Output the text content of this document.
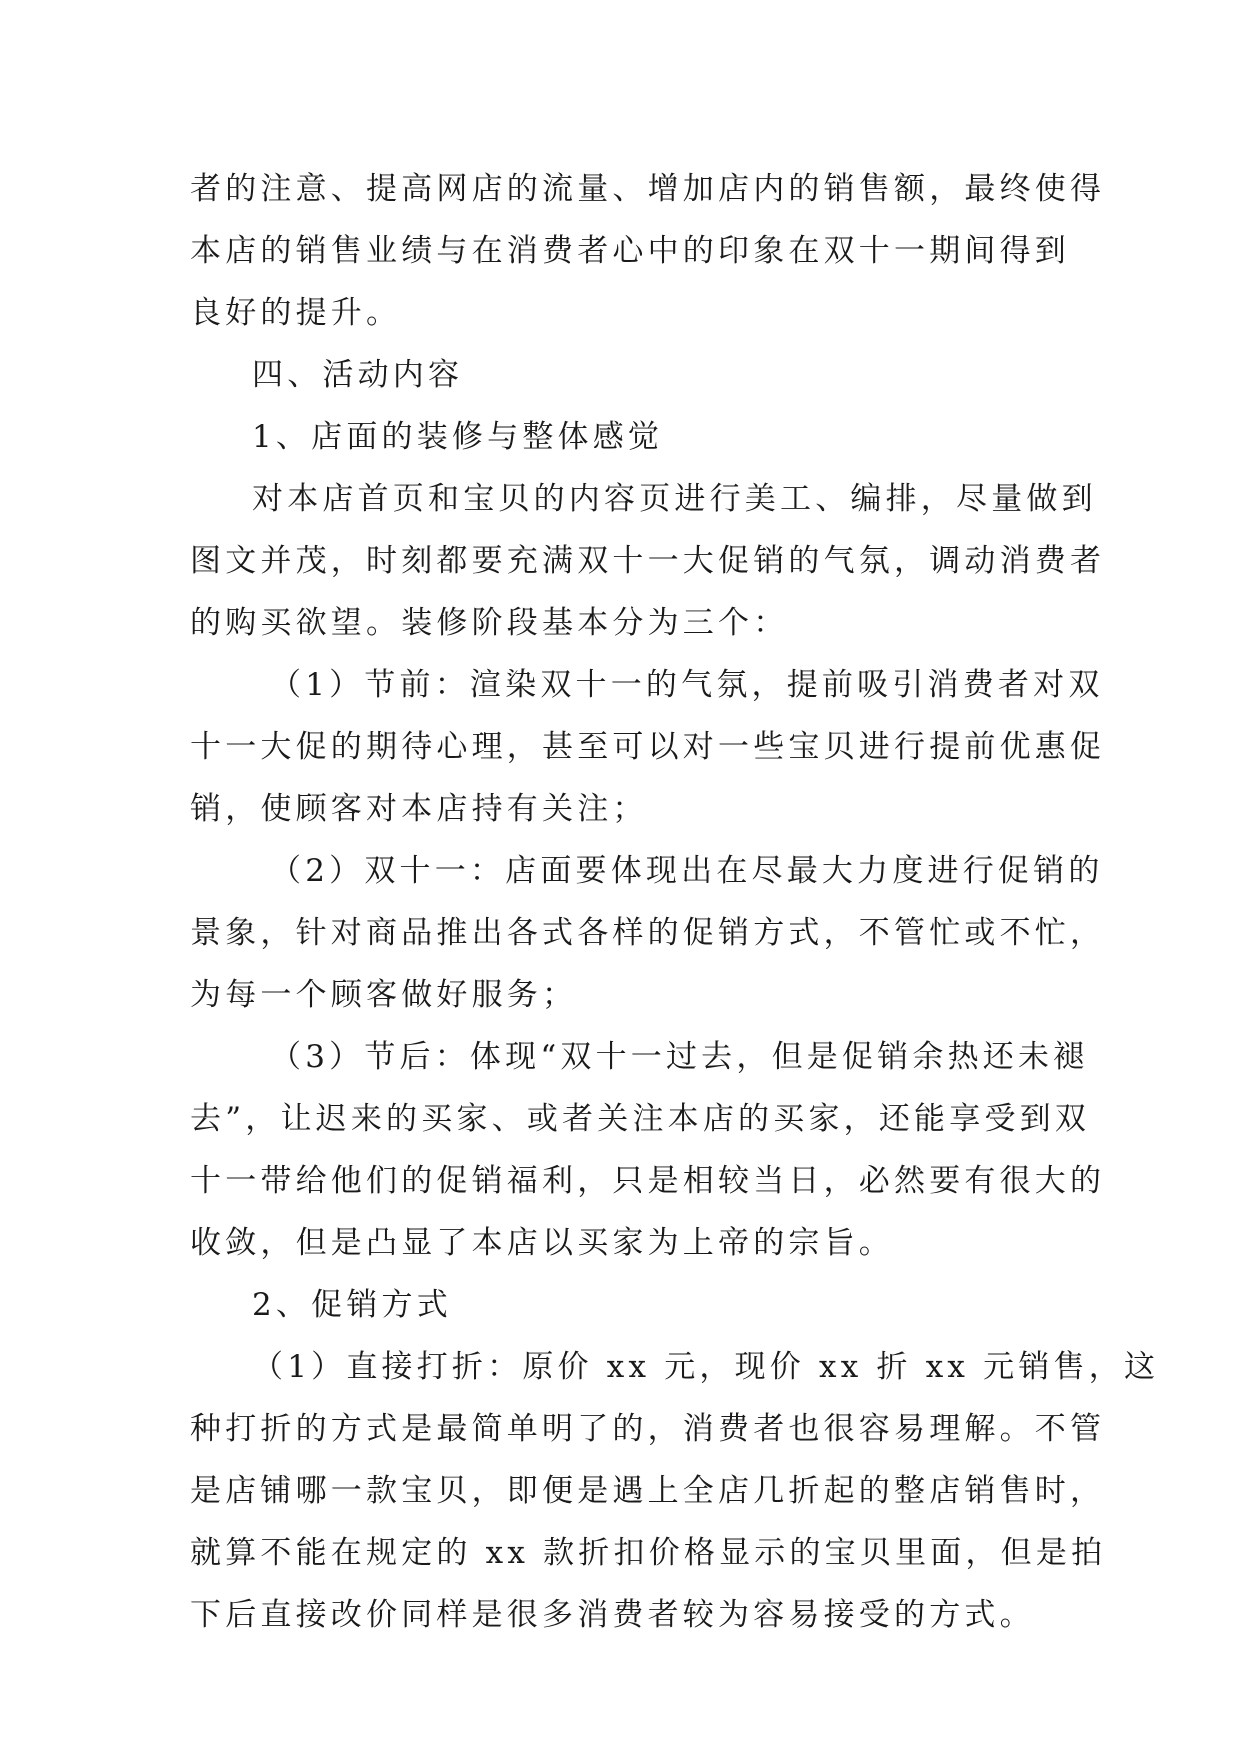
者的注意、提高网店的流量、增加店内的销售额，最终使得
本店的销售业绩与在消费者心中的印象在双十一期间得到
良好的提升。
四、活动内容
1、店面的装修与整体感觉
对本店首页和宝贝的内容页进行美工、编排，尽量做到
图文并茂，时刻都要充满双十一大促销的气氛，调动消费者
的购买欲望。装修阶段基本分为三个：
（1）节前：渲染双十一的气氛，提前吸引消费者对双
十一大促的期待心理，甚至可以对一些宝贝进行提前优惠促
销，使顾客对本店持有关注；
（2）双十一：店面要体现出在尽最大力度进行促销的
景象，针对商品推出各式各样的促销方式，不管忙或不忙，
为每一个顾客做好服务；
（3）节后：体现“双十一过去，但是促销余热还未褪
去”，让迟来的买家、或者关注本店的买家，还能享受到双
十一带给他们的促销福利，只是相较当日，必然要有很大的
收敛，但是凸显了本店以买家为上帝的宗旨。
2、促销方式
（1）直接打折：原价 xx 元，现价 xx 折 xx 元销售，这
种打折的方式是最简单明了的，消费者也很容易理解。不管
是店铺哪一款宝贝，即便是遇上全店几折起的整店销售时，
就算不能在规定的 xx 款折扣价格显示的宝贝里面，但是拍
下后直接改价同样是很多消费者较为容易接受的方式。
